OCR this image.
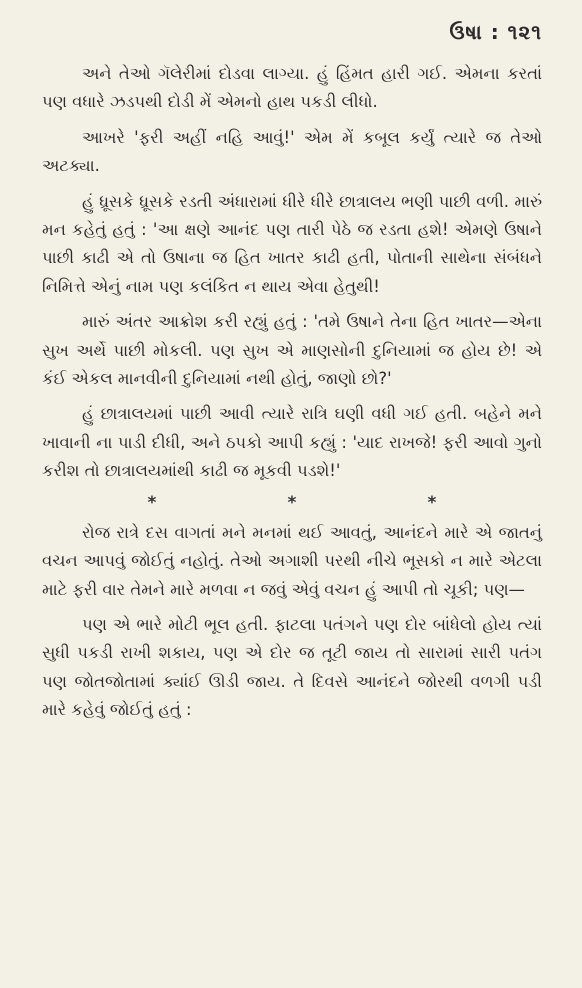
ઉષા : ૧૨૧

અને તેઓ ગૅલેરીમાં દોડવા લાગ્યા. હું હિંમત હારી ગઈ. એમના કરતાં પણ વધારે ઝડપથી દોડી મેં એમનો હાથ પકડી લીધો.

આખરે 'ફરી અહીં નહિ આવું!' એમ મેં કબૂલ કર્યું ત્યારે જ તેઓ અટક્યા.

હું ધ્રૂસકે ધ્રૂસકે રડતી અંધારામાં ધીરે ધીરે છાત્રાલય ભણી પાછી વળી. મારું મન કહેતું હતું : 'આ ક્ષણે આનંદ પણ તારી પેઠે જ રડતા હશે! એમણે ઉષાને પાછી કાઢી એ તો ઉષાના જ હિત ખાતર કાઢી હતી, પોતાની સાથેના સંબંધને નિમિત્તે એનું નામ પણ કલંકિત ન થાય એવા હેતુથી!

મારું અંતર આક્રોશ કરી રહ્યું હતું : 'તમે ઉષાને તેના હિત ખાતર—એના સુખ અર્થે પાછી મોકલી. પણ સુખ એ માણસોની દુનિયામાં જ હોય છે! એ કંઈ એકલ માનવીની દુનિયામાં નથી હોતું, જાણો છો?'

હું છાત્રાલયમાં પાછી આવી ત્યારે રાત્રિ ઘણી વધી ગઈ હતી. બહેને મને ખાવાની ના પાડી દીધી, અને ઠપકો આપી કહ્યું : 'યાદ રાખજે! ફરી આવો ગુનો કરીશ તો છાત્રાલયમાંથી કાઢી જ મૂકવી પડશે!'

*	*	*

રોજ રાત્રે દસ વાગતાં મને મનમાં થઈ આવતું, આનંદને મારે એ જાતનું વચન આપવું જોઈતું નહોતું. તેઓ અગાશી પરથી નીચે ભૂસકો ન મારે એટલા માટે ફરી વાર તેમને મારે મળવા ન જવું એવું વચન હું આપી તો ચૂકી; પણ—

પણ એ ભારે મોટી ભૂલ હતી. ફાટલા પતંગને પણ દોર બાંધેલો હોય ત્યાં સુધી પકડી રાખી શકાય, પણ એ દોર જ તૂટી જાય તો સારામાં સારી પતંગ પણ જોતજોતામાં ક્યાંઈ ઊડી જાય. તે દિવસે આનંદને જોરથી વળગી પડી મારે કહેવું જોઈતું હતું :
